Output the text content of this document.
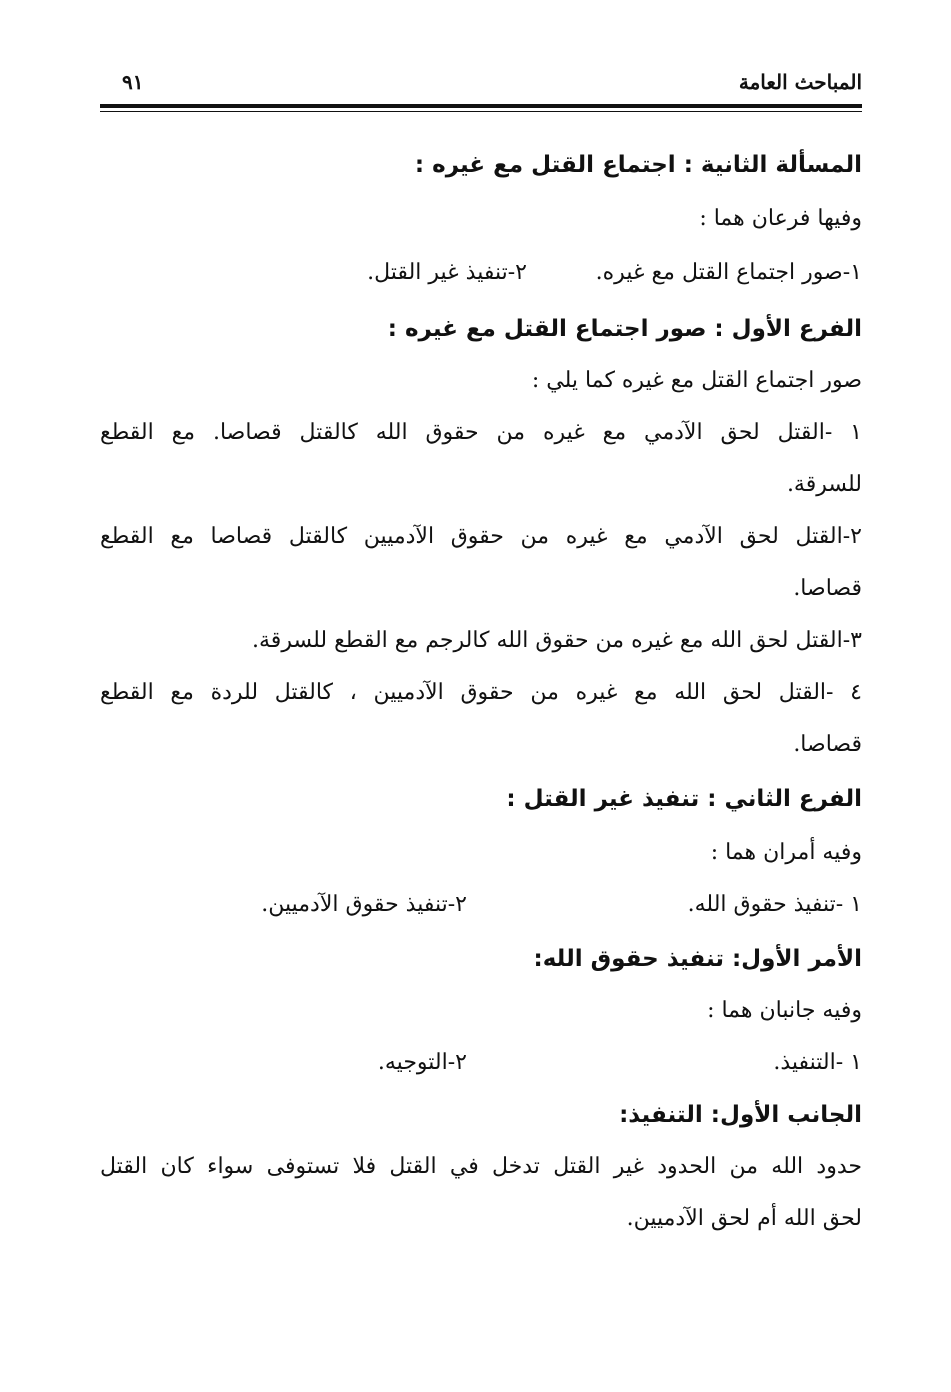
المباحث العامة
٩١
المسألة الثانية : اجتماع القتل مع غيره :
وفيها فرعان هما :
١-صور اجتماع القتل مع غيره.
٢-تنفيذ غير القتل.
الفرع الأول : صور اجتماع القتل مع غيره :
صور اجتماع القتل مع غيره كما يلي :
١ -القتل لحق الآدمي مع غيره من حقوق الله كالقتل قصاصا. مع القطع
للسرقة.
٢-القتل لحق الآدمي مع غيره من حقوق الآدميين كالقتل قصاصا مع القطع
قصاصا.
٣-القتل لحق الله مع غيره من حقوق الله كالرجم مع القطع للسرقة.
٤ -القتل لحق الله مع غيره من حقوق الآدميين ، كالقتل للردة مع القطع
قصاصا.
الفرع الثاني : تنفيذ غير القتل :
وفيه أمران هما :
١ -تنفيذ حقوق الله.
٢-تنفيذ حقوق الآدميين.
الأمر الأول: تنفيذ حقوق الله:
وفيه جانبان هما :
١ -التنفيذ.
٢-التوجيه.
الجانب الأول: التنفيذ:
حدود الله من الحدود غير القتل تدخل في القتل فلا تستوفى سواء كان القتل
لحق الله أم لحق الآدميين.
